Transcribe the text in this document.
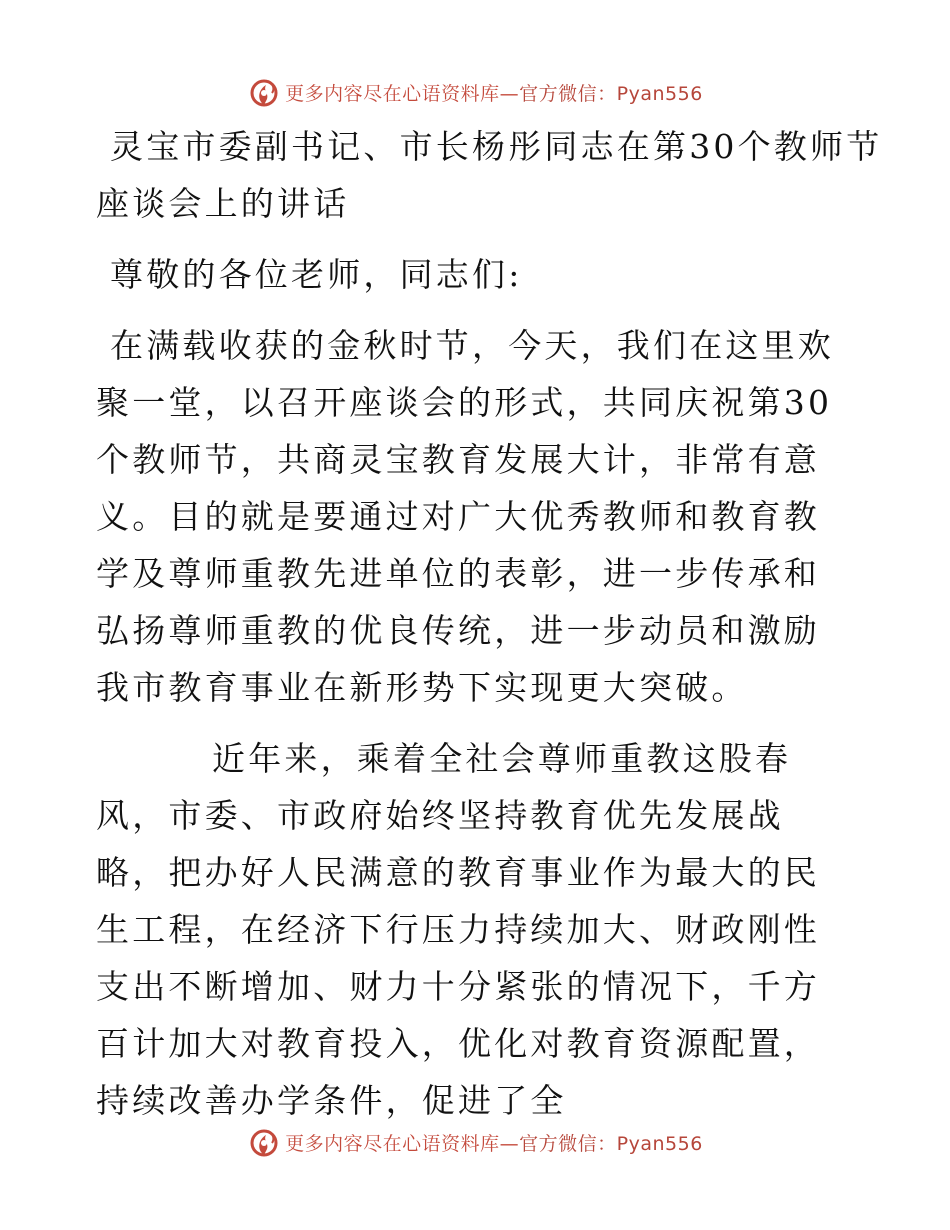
更多内容尽在心语资料库—官方微信：Pyan556

灵宝市委副书记、市长杨彤同志在第30个教师节
座谈会上的讲话

尊敬的各位老师，同志们:

在满载收获的金秋时节，今天，我们在这里欢聚一堂，以召开座谈会的形式，共同庆祝第30个教师节，共商灵宝教育发展大计，非常有意义。目的就是要通过对广大优秀教师和教育教学及尊师重教先进单位的表彰，进一步传承和弘扬尊师重教的优良传统，进一步动员和激励我市教育事业在新形势下实现更大突破。

近年来，乘着全社会尊师重教这股春风，市委、市政府始终坚持教育优先发展战略，把办好人民满意的教育事业作为最大的民生工程，在经济下行压力持续加大、财政刚性支出不断增加、财力十分紧张的情况下，千方百计加大对教育投入，优化对教育资源配置，持续改善办学条件，促进了全

更多内容尽在心语资料库—官方微信：Pyan556
